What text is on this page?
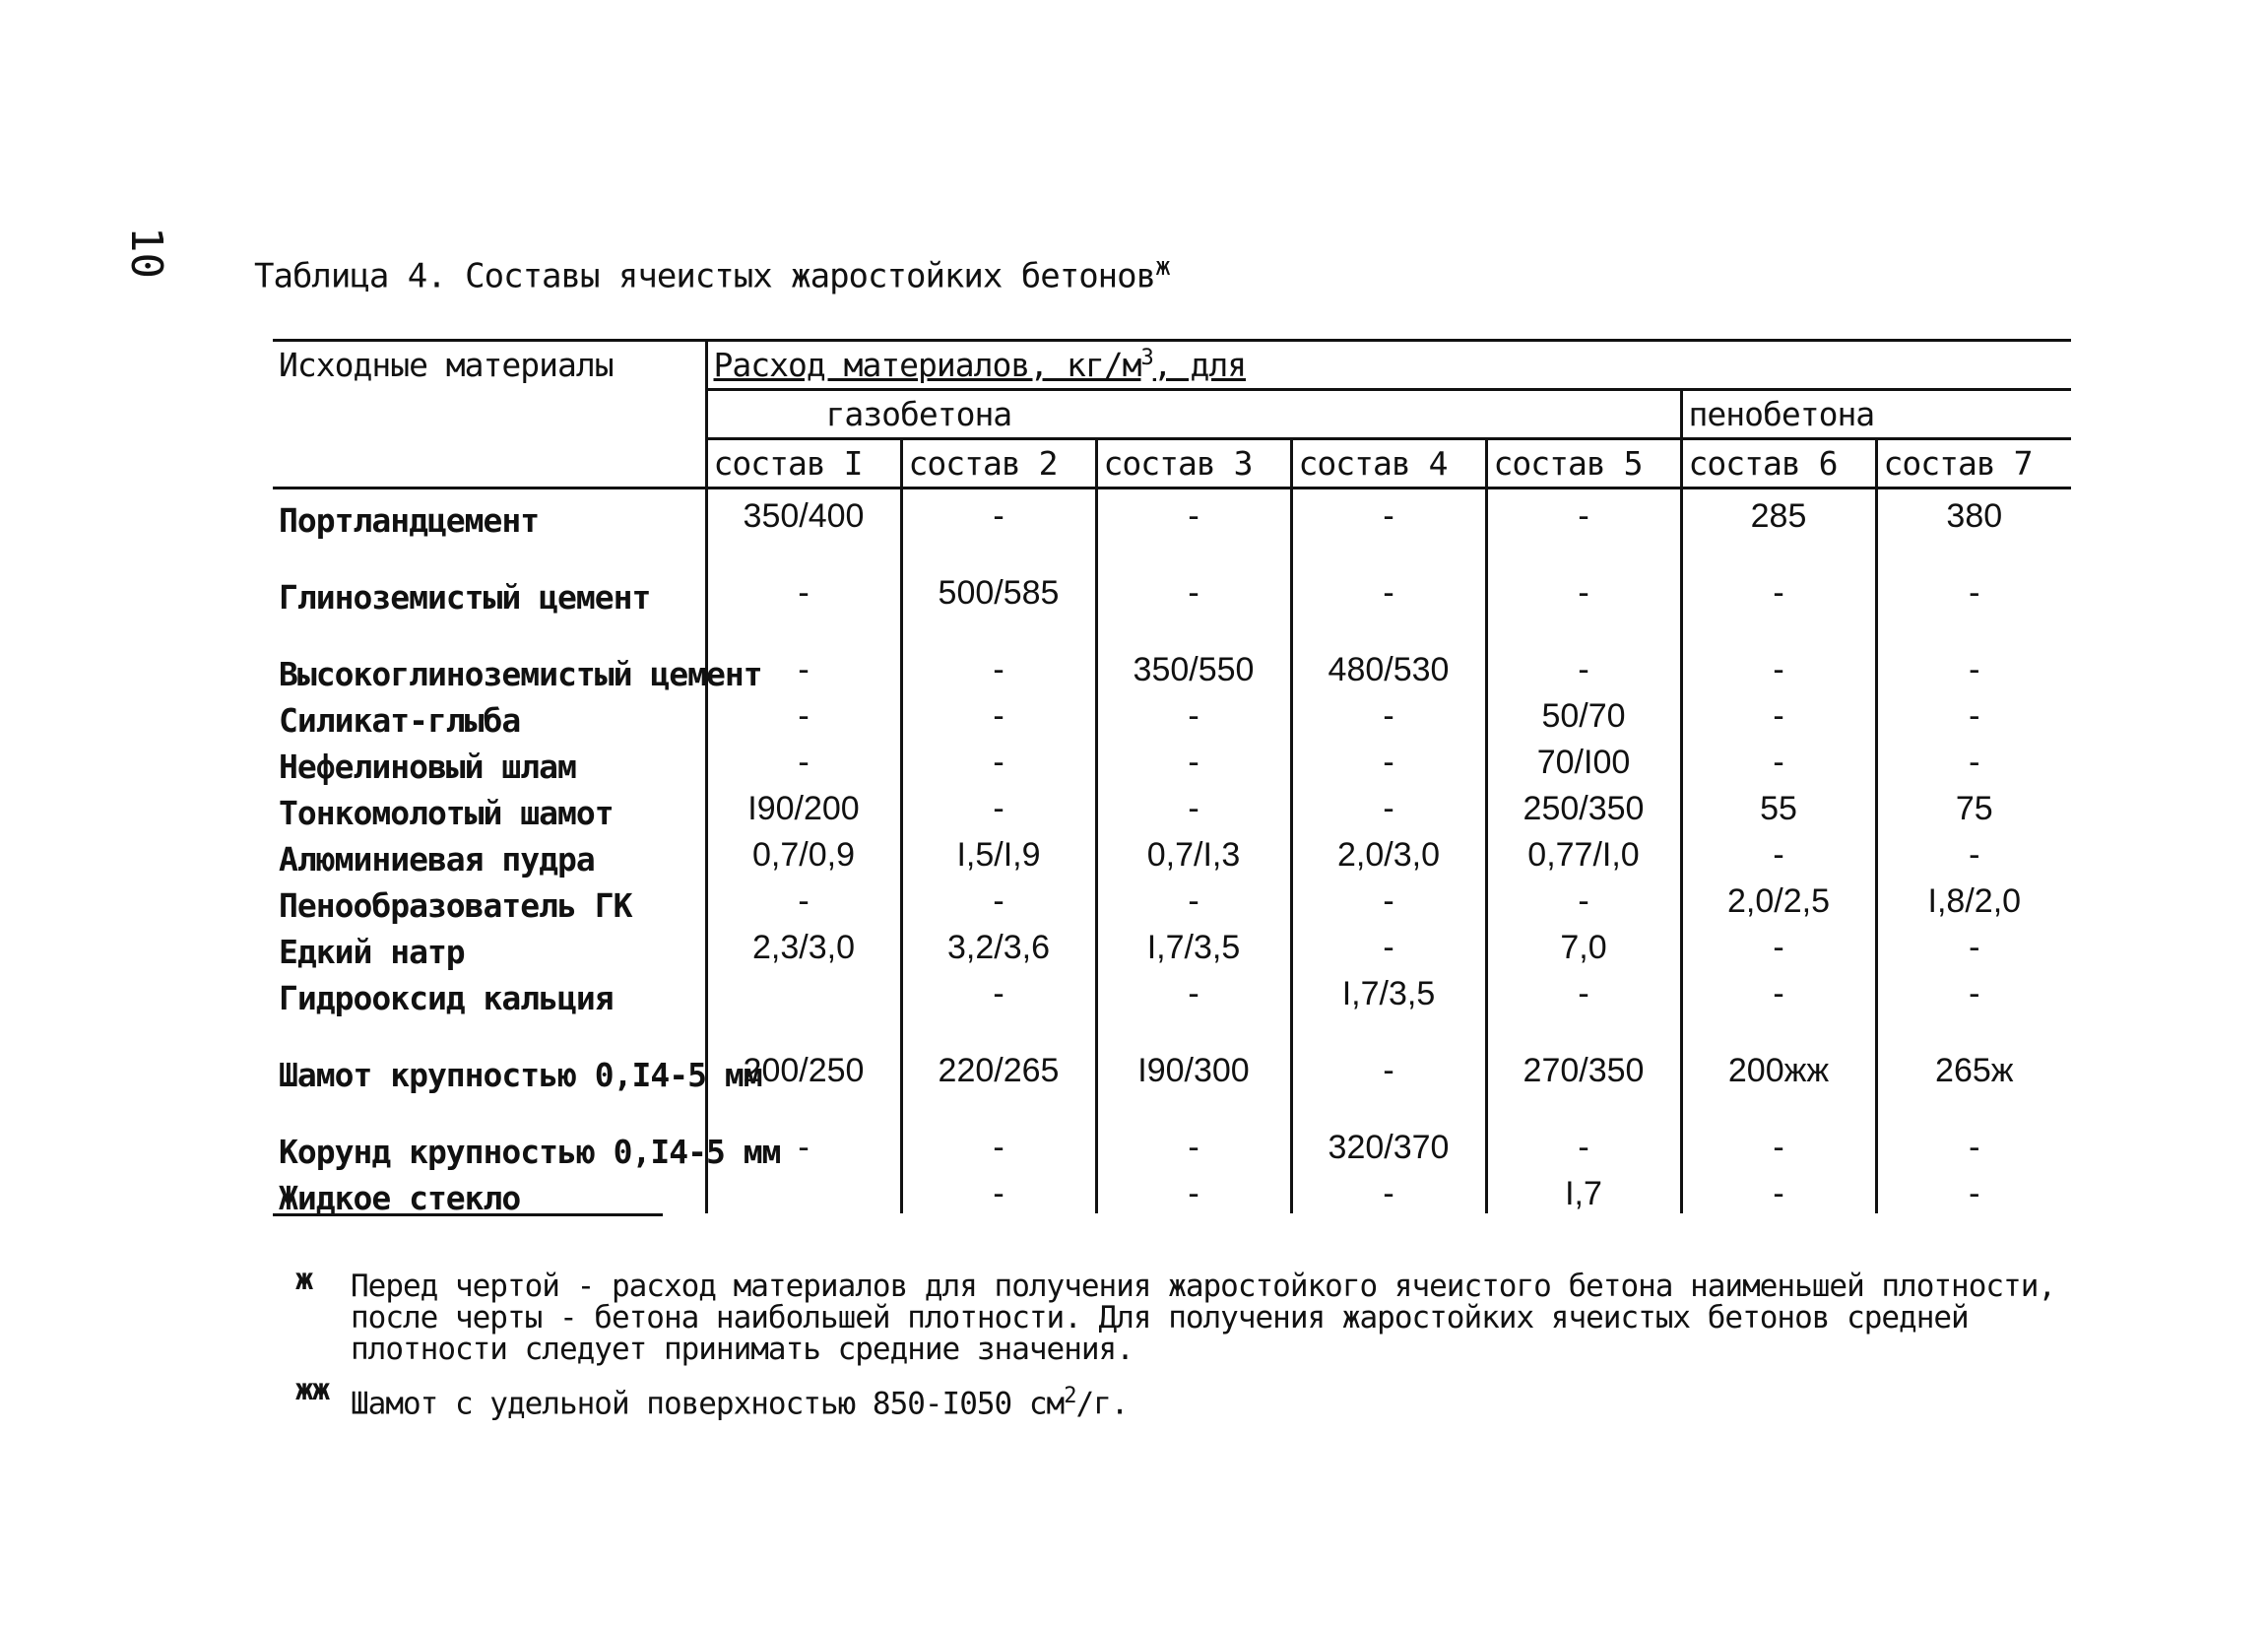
10 Таблица 4. Составы ячеистых жаростойких бетонов$^ж$
Исходные материалы	Расход материалов, $кг/м^3$, для						
	газобетона					пенобетона	
	состав I	состав 2	состав 3	состав 4	состав 5	состав 6	состав 7
Портландцемент	350/400	-	-	-	-	285	380
Глиноземистый цемент	-	500/585	-	-	-	-	-
Высокоглиноземистый цемент	-	-	350/550	480/530	-	-	-
Силикат-глыба	-	-	-	-	50/70	-	-
Нефелиновый шлам	-	-	-	-	70/I00	-	-
Тонкомолотый шамот	I90/200	-	-	-	250/350	55	75
Алюминиевая пудра	0,7/0,9	I,5/I,9	0,7/I,3	2,0/3,0	0,77/I,0	-	-
Пенообразователь ГК	-	-	-	-	-	2,0/2,5	I,8/2,0
Едкий натр	2,3/3,0	3,2/3,6	I,7/3,5	-	7,0	-	-
Гидрооксид кальция		-	-	I,7/3,5	-	-	-
Шамот крупностью 0,I4-5 мм	200/250	220/265	I90/300	-	270/350	200жж	265ж
Корунд крупностью 0,I4-5 мм	-	-	-	320/370	-	-	-
Жидкое стекло		-	-	-	I,7	-	-
ж Перед чертой - расход материалов для получения жаростойкого ячеистого бетона наименьшей плотности, после черты - бетона наибольшей плотности. Для получения жаростойких ячеистых бетонов средней плотности следует принимать средние значения.
жж Шамот с удельной поверхностью 850-I050 $см^2/г$.
